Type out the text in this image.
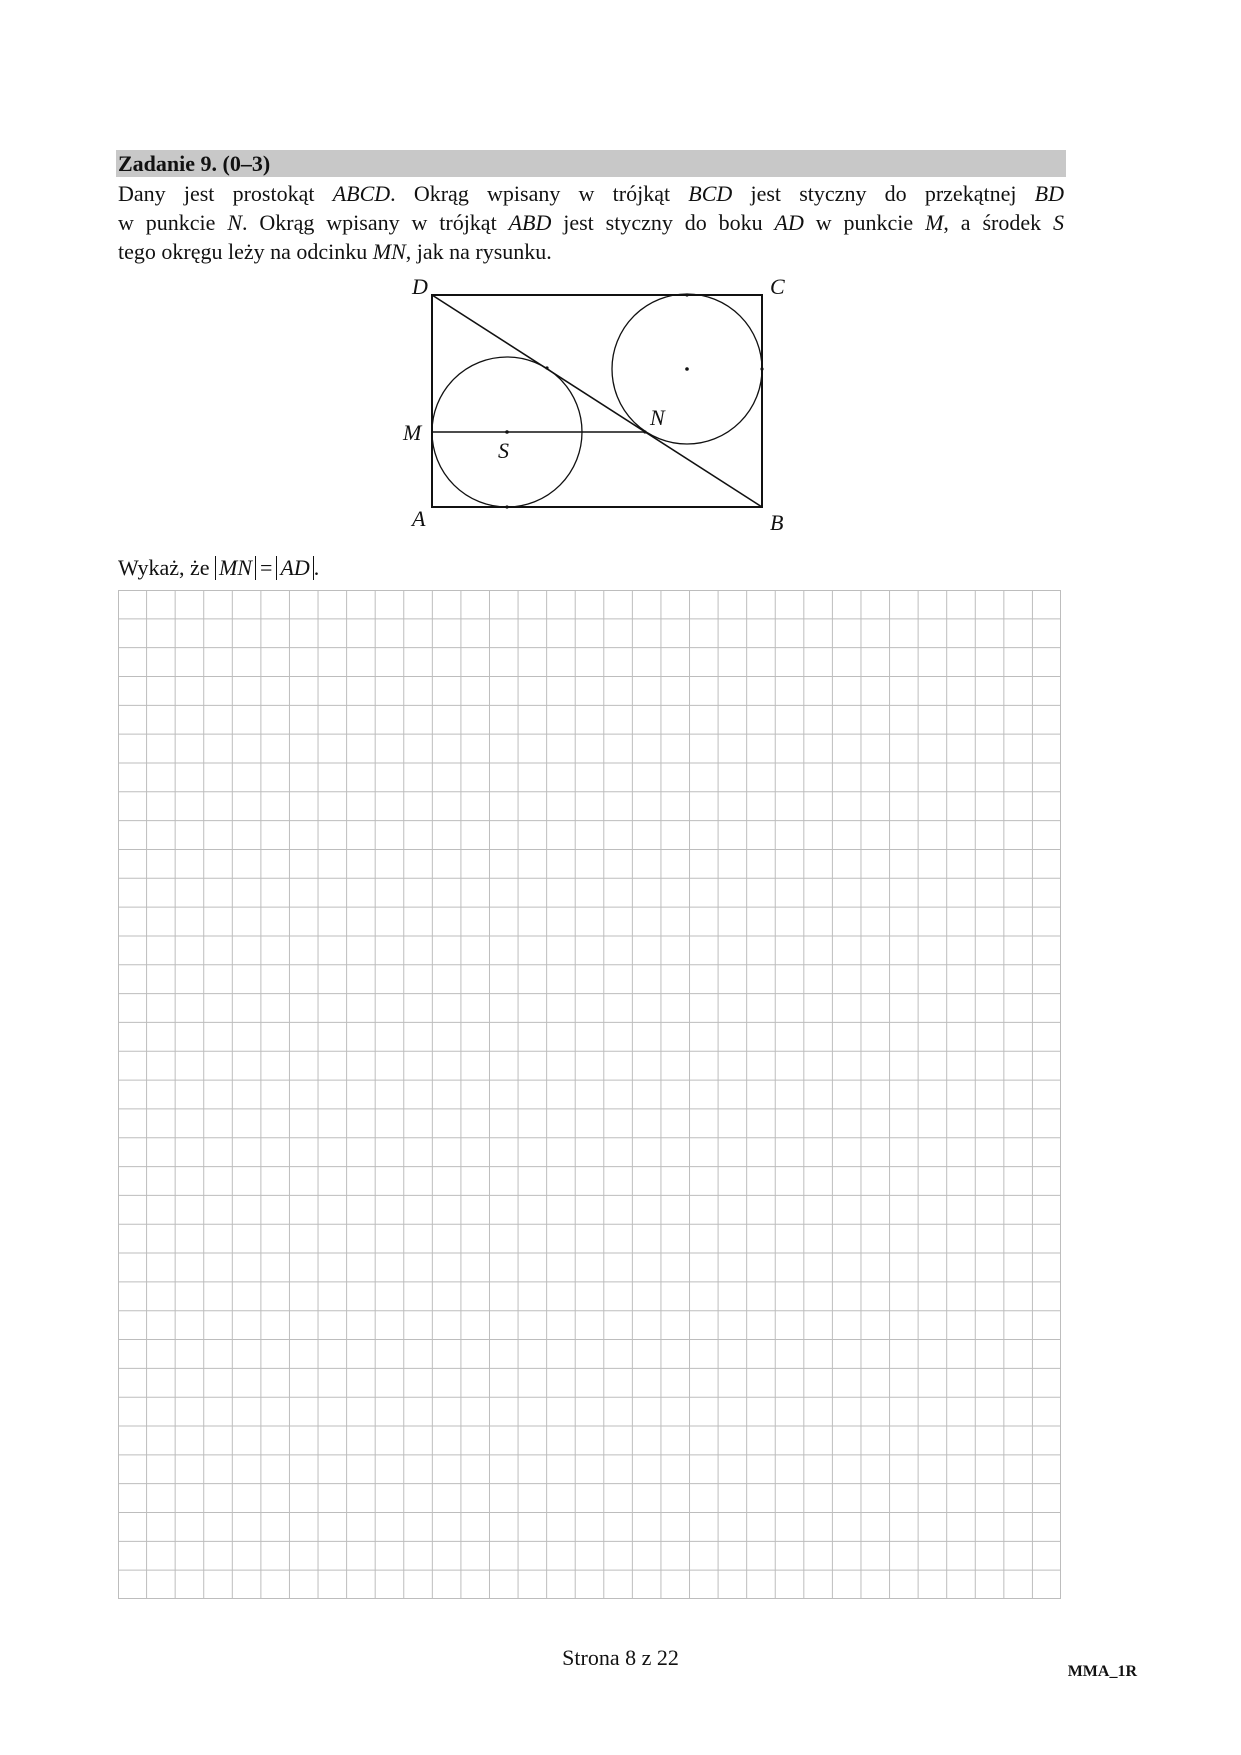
Zadanie 9. (0–3)

Dany jest prostokąt ABCD. Okrąg wpisany w trójkąt BCD jest styczny do przekątnej BD

w punkcie N. Okrąg wpisany w trójkąt ABD jest styczny do boku AD w punkcie M, a środek S

tego okręgu leży na odcinku MN, jak na rysunku.

D	C
A	B
M
N
S
Wykaż, że MN = AD .
Strona 8 z 22
MMA_1R
